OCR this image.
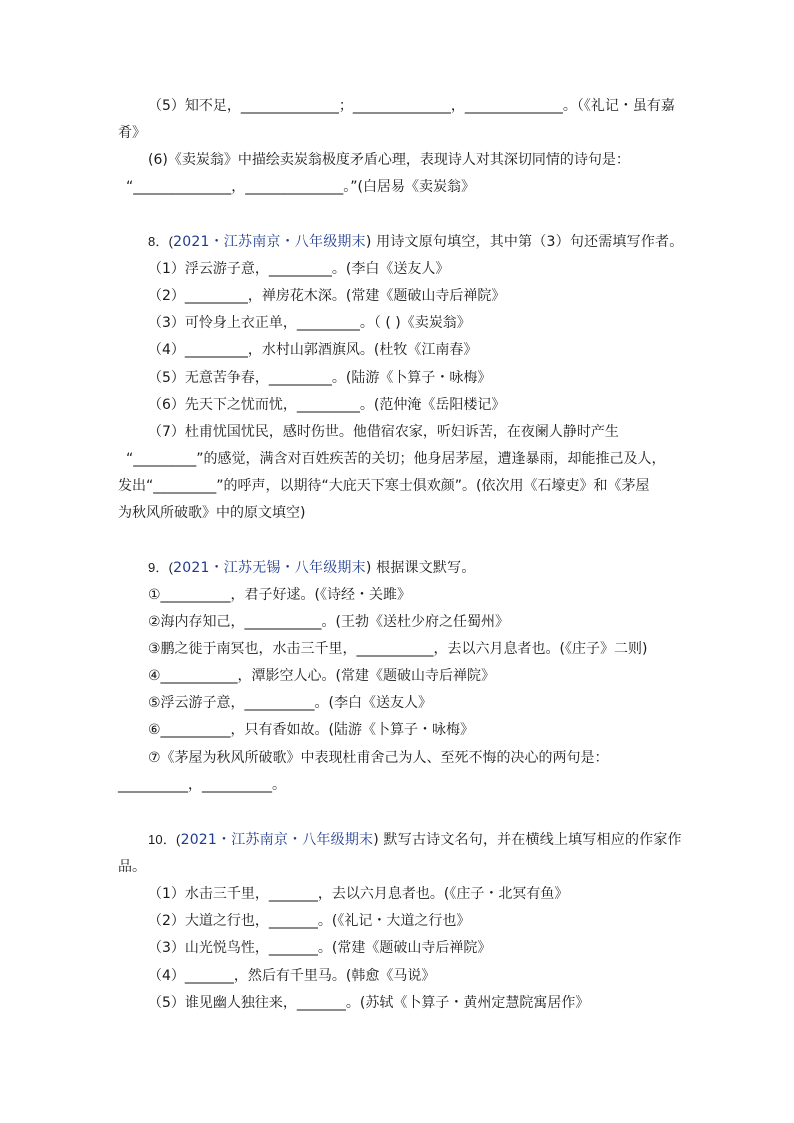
（5）知不足，______________；______________，______________。（《礼记・虽有嘉
肴》
(6)《卖炭翁》中描绘卖炭翁极度矛盾心理，表现诗人对其深切同情的诗句是：
“______________，______________。”(白居易《卖炭翁》
8．(2021・江苏南京・八年级期末) 用诗文原句填空，其中第（3）句还需填写作者。
（1）浮云游子意，_________。(李白《送友人》
（2）_________，禅房花木深。(常建《题破山寺后禅院》
（3）可怜身上衣正单，_________。（ ( )《卖炭翁》
（4）_________，水村山郭酒旗风。(杜牧《江南春》
（5）无意苦争春，_________。(陆游《卜算子・咏梅》
（6）先天下之忧而忧，_________。(范仲淹《岳阳楼记》
（7）杜甫忧国忧民，感时伤世。他借宿农家，听妇诉苦，在夜阑人静时产生
“_________”的感觉，满含对百姓疾苦的关切；他身居茅屋，遭逢暴雨，却能推己及人，
发出“_________”的呼声，以期待“大庇天下寒士俱欢颜”。(依次用《石壕吏》和《茅屋
为秋风所破歌》中的原文填空)
9．(2021・江苏无锡・八年级期末) 根据课文默写。
①__________，君子好逑。(《诗经・关雎》
②海内存知己，___________。(王勃《送杜少府之任蜀州》
③鹏之徙于南冥也，水击三千里，___________，去以六月息者也。(《庄子》二则)
④___________，潭影空人心。(常建《题破山寺后禅院》
⑤浮云游子意，__________。(李白《送友人》
⑥__________，只有香如故。(陆游《卜算子・咏梅》
⑦《茅屋为秋风所破歌》中表现杜甫舍己为人、至死不悔的决心的两句是：
__________，__________。
10．(2021・江苏南京・八年级期末) 默写古诗文名句，并在横线上填写相应的作家作
品。
（1）水击三千里，_______，去以六月息者也。(《庄子・北冥有鱼》
（2）大道之行也，_______。(《礼记・大道之行也》
（3）山光悦鸟性，_______。(常建《题破山寺后禅院》
（4）_______，然后有千里马。(韩愈《马说》
（5）谁见幽人独往来，_______。(苏轼《卜算子・黄州定慧院寓居作》
